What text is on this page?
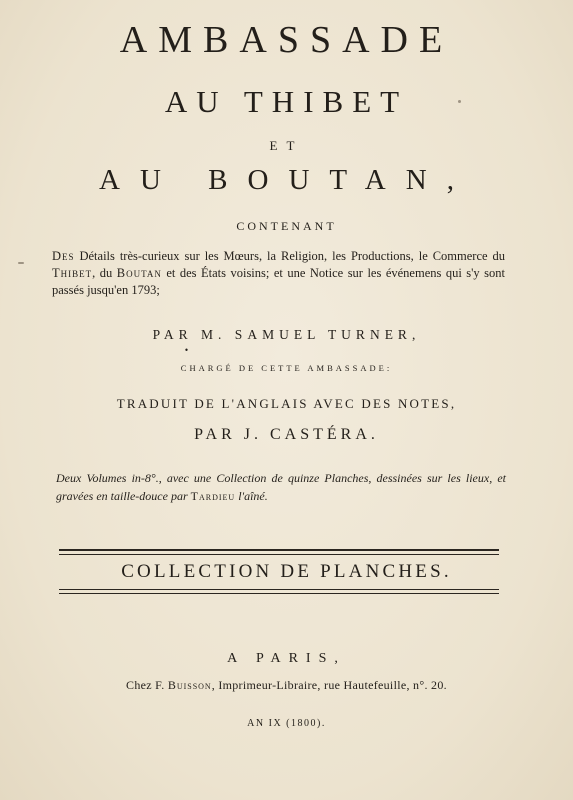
AMBASSADE
AU THIBET
ET
AU BOUTAN,
CONTENANT
Des Détails très-curieux sur les Mœurs, la Religion, les Productions, le Commerce du Thibet, du Boutan et des États voisins; et une Notice sur les événemens qui s'y sont passés jusqu'en 1793;
PAR M. SAMUEL TURNER,
•
CHARGÉ DE CETTE AMBASSADE:
TRADUIT DE L'ANGLAIS AVEC DES NOTES,
PAR J. CASTÉRA.
Deux Volumes in-8°., avec une Collection de quinze Planches, dessinées sur les lieux, et gravées en taille-douce par Tardieu l'aîné.
COLLECTION DE PLANCHES.
A PARIS,
Chez F. Buisson, Imprimeur-Libraire, rue Hautefeuille, n°. 20.
AN IX (1800).
